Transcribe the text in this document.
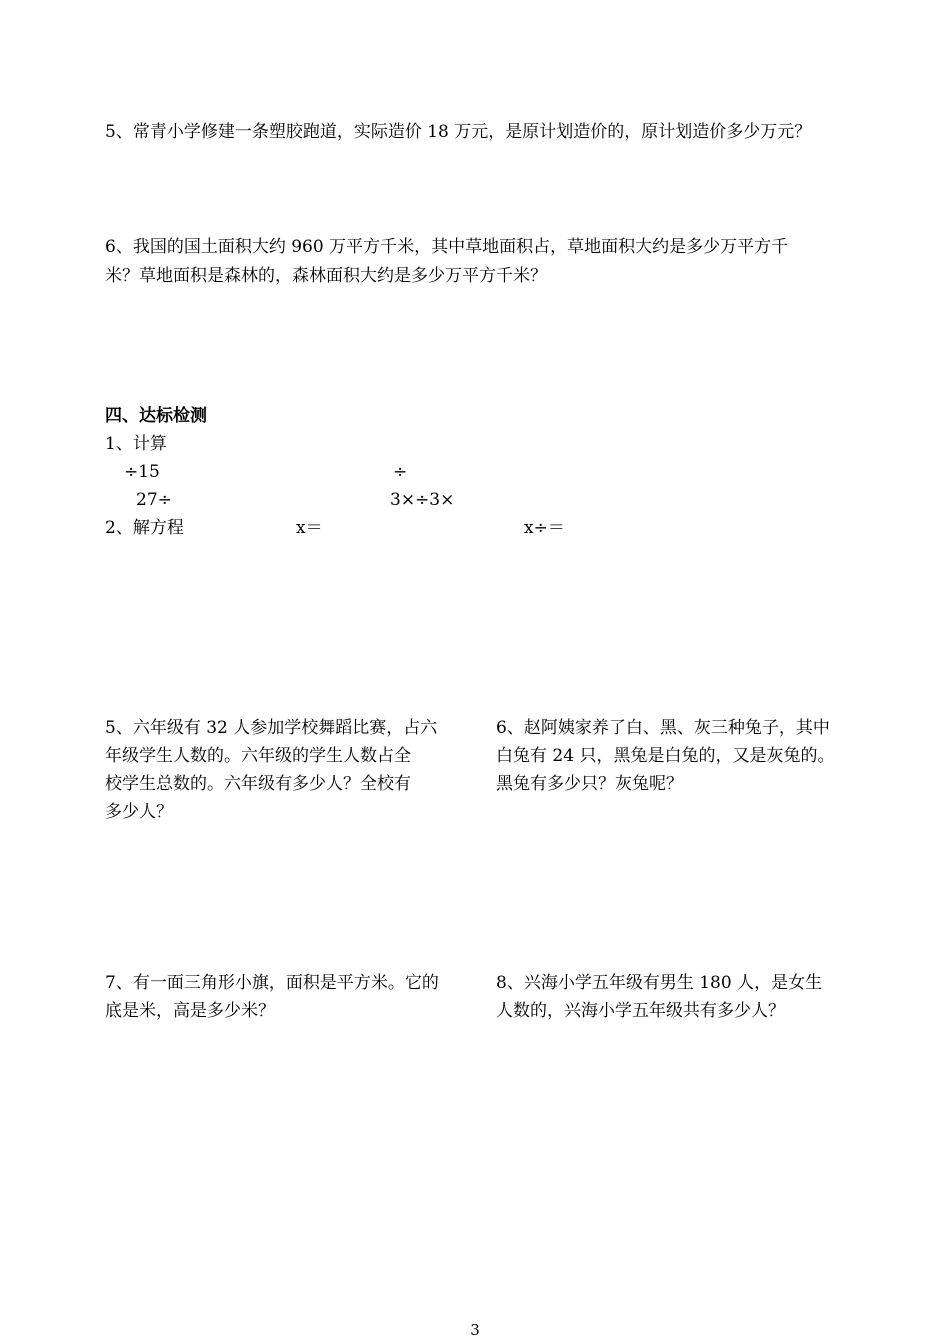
5、常青小学修建一条塑胶跑道，实际造价 18 万元，是原计划造价的，原计划造价多少万元？
6、我国的国土面积大约 960 万平方千米，其中草地面积占，草地面积大约是多少万平方千
米？草地面积是森林的，森林面积大约是多少万平方千米？
四、达标检测
1、计算
÷15	÷
27÷	3×÷3×
2、解方程	x＝	x÷＝
5、六年级有 32 人参加学校舞蹈比赛，占六
年级学生人数的。六年级的学生人数占全
校学生总数的。六年级有多少人？全校有
多少人？
6、赵阿姨家养了白、黑、灰三种兔子，其中
白兔有 24 只，黑兔是白兔的，又是灰兔的。
黑兔有多少只？灰兔呢？
7、有一面三角形小旗，面积是平方米。它的
底是米，高是多少米？
8、兴海小学五年级有男生 180 人，是女生
人数的，兴海小学五年级共有多少人？
3
